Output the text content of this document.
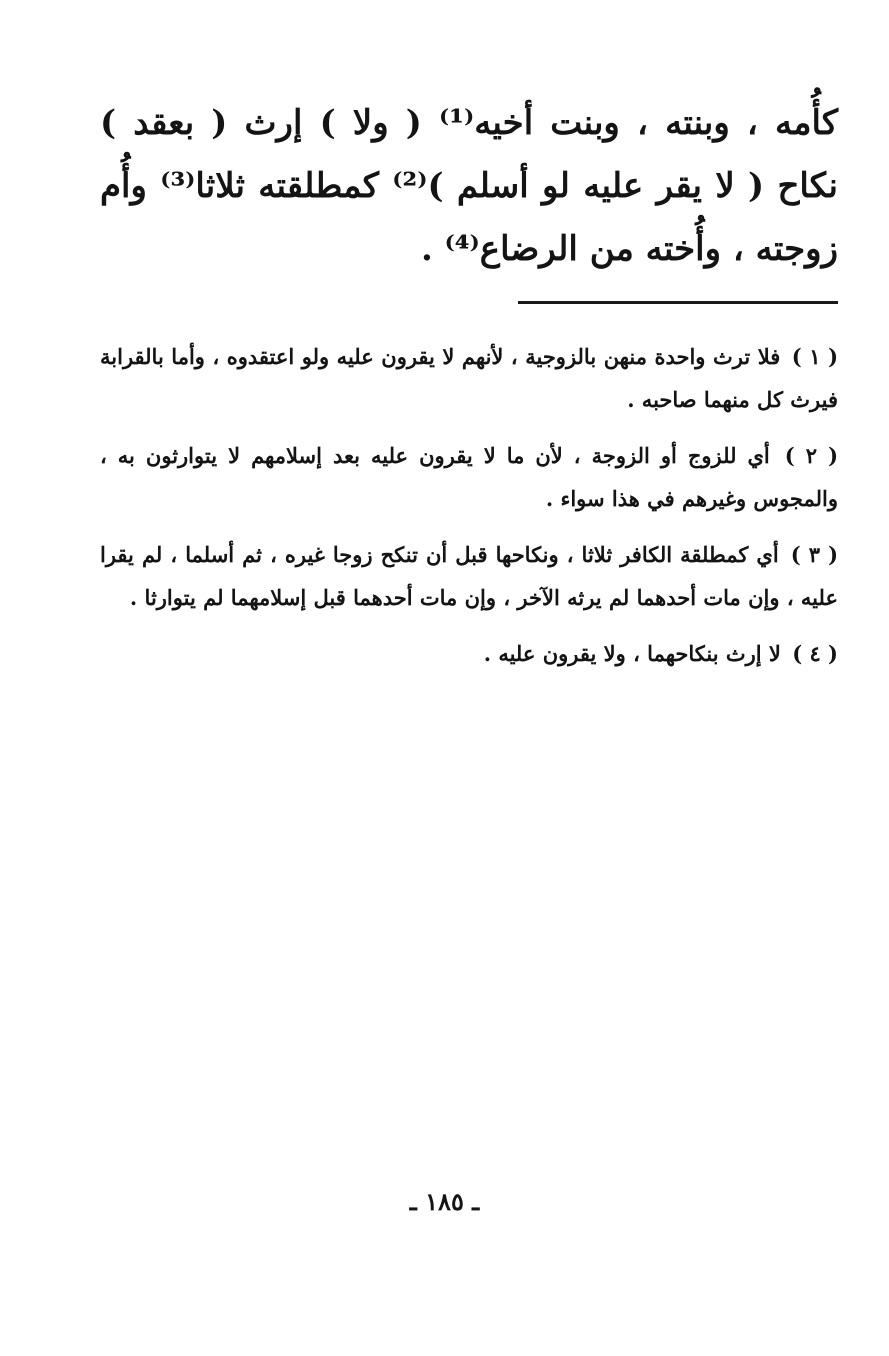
كأُمه ، وبنته ، وبنت أخيه⁽¹⁾ ( ولا ) إرث ( بعقد ) نكاح ( لا يقر عليه لو أسلم )⁽²⁾ كمطلقته ثلاثا⁽³⁾ وأُم زوجته ، وأُخته من الرضاع⁽⁴⁾ .

( ١ ) فلا ترث واحدة منهن بالزوجية ، لأنهم لا يقرون عليه ولو اعتقدوه ، وأما بالقرابة فيرث كل منهما صاحبه .

( ٢ ) أي للزوج أو الزوجة ، لأن ما لا يقرون عليه بعد إسلامهم لا يتوارثون به ، والمجوس وغيرهم في هذا سواء .

( ٣ ) أي كمطلقة الكافر ثلاثا ، ونكاحها قبل أن تنكح زوجا غيره ، ثم أسلما ، لم يقرا عليه ، وإن مات أحدهما لم يرثه الآخر ، وإن مات أحدهما قبل إسلامهما لم يتوارثا .

( ٤ ) لا إرث بنكاحهما ، ولا يقرون عليه .

ـ ١٨٥ ـ
